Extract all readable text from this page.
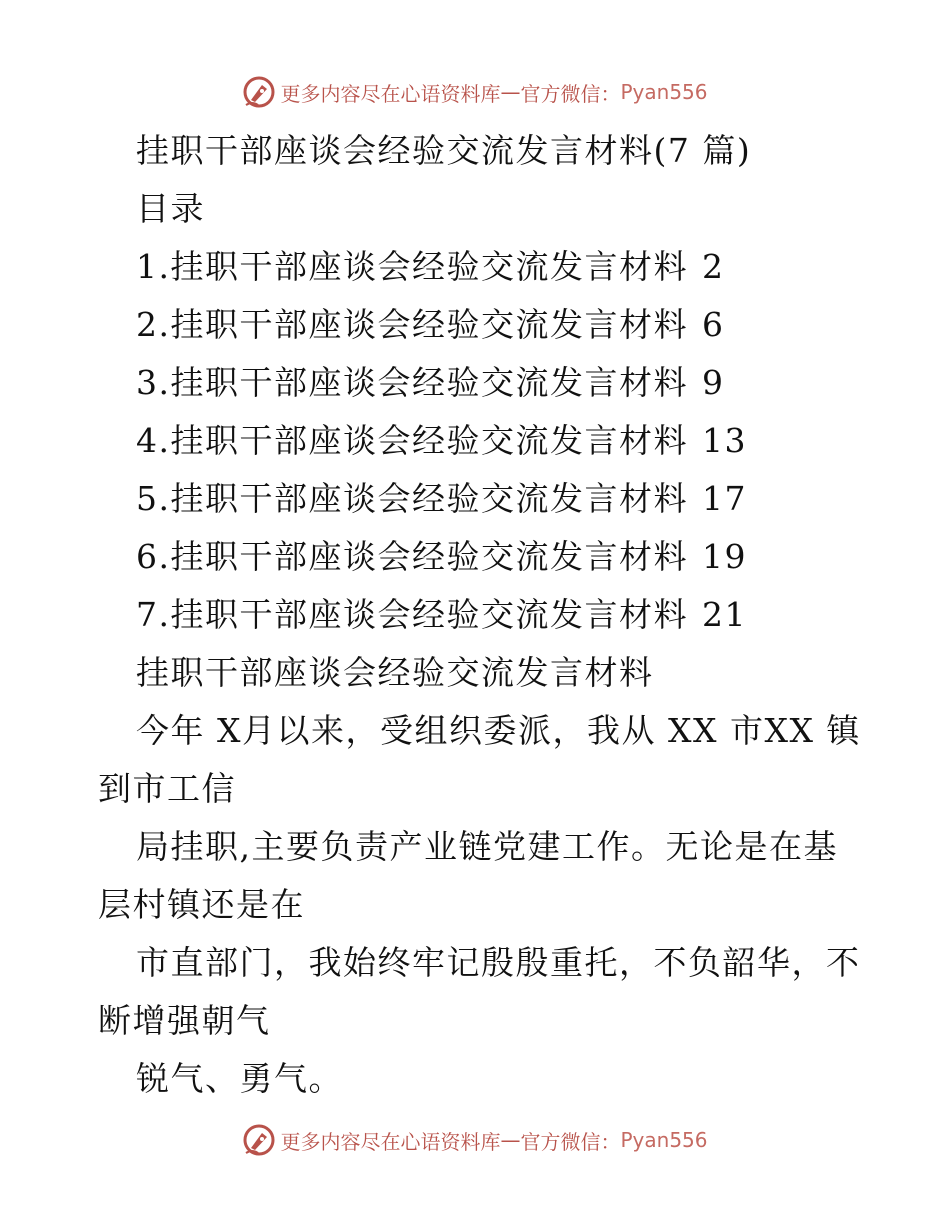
更多内容尽在心语资料库 — 官方微信： Pyan556
挂职干部座谈会经验交流发言材料(7 篇)
目录
1.挂职干部座谈会经验交流发言材料 2
2.挂职干部座谈会经验交流发言材料 6
3.挂职干部座谈会经验交流发言材料 9
4.挂职干部座谈会经验交流发言材料 13
5.挂职干部座谈会经验交流发言材料 17
6.挂职干部座谈会经验交流发言材料 19
7.挂职干部座谈会经验交流发言材料 21
挂职干部座谈会经验交流发言材料
今年 X月以来，受组织委派，我从 XX 市XX 镇
到市工信
局挂职,主要负责产业链党建工作。无论是在基
层村镇还是在
市直部门，我始终牢记殷殷重托，不负韶华，不
断增强朝气
锐气、勇气。
更多内容尽在心语资料库 — 官方微信： Pyan556
